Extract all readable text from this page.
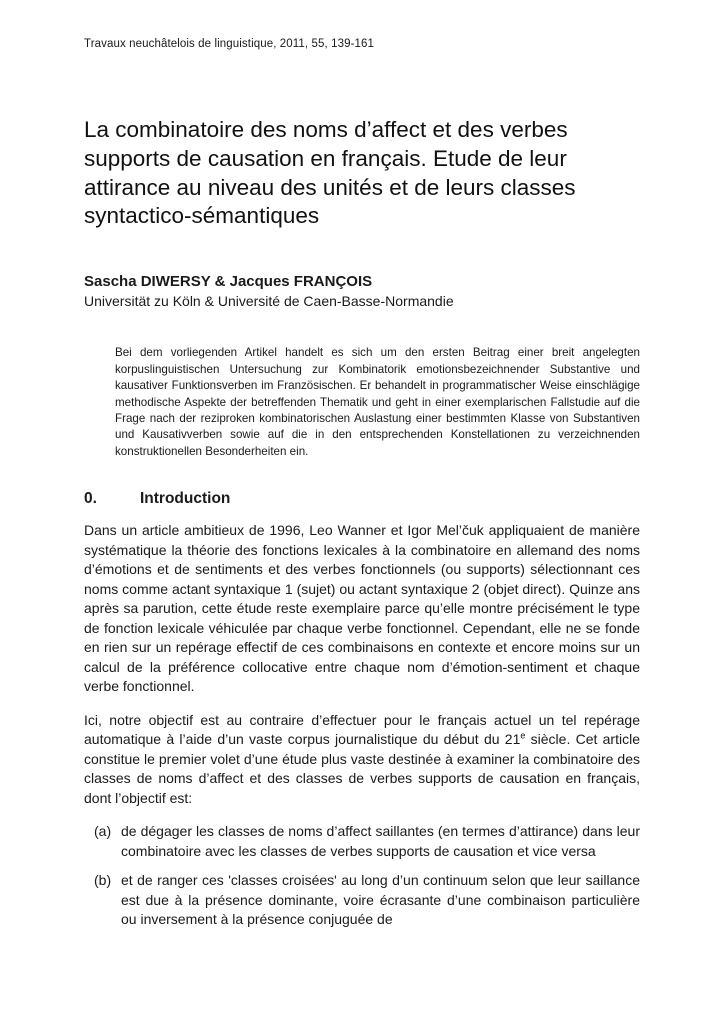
Travaux neuchâtelois de linguistique, 2011, 55, 139-161
La combinatoire des noms d’affect et des verbes supports de causation en français. Etude de leur attirance au niveau des unités et de leurs classes syntactico-sémantiques
Sascha DIWERSY & Jacques FRANÇOIS
Universität zu Köln & Université de Caen-Basse-Normandie
Bei dem vorliegenden Artikel handelt es sich um den ersten Beitrag einer breit angelegten korpuslinguistischen Untersuchung zur Kombinatorik emotionsbezeichnender Substantive und kausativer Funktionsverben im Französischen. Er behandelt in programmatischer Weise einschlägige methodische Aspekte der betreffenden Thematik und geht in einer exemplarischen Fallstudie auf die Frage nach der reziproken kombinatorischen Auslastung einer bestimmten Klasse von Substantiven und Kausativverben sowie auf die in den entsprechenden Konstellationen zu verzeichnenden konstruktionellen Besonderheiten ein.
0.	Introduction

Dans un article ambitieux de 1996, Leo Wanner et Igor Mel’čuk appliquaient de manière systématique la théorie des fonctions lexicales à la combinatoire en allemand des noms d’émotions et de sentiments et des verbes fonctionnels (ou supports) sélectionnant ces noms comme actant syntaxique 1 (sujet) ou actant syntaxique 2 (objet direct). Quinze ans après sa parution, cette étude reste exemplaire parce qu’elle montre précisément le type de fonction lexicale véhiculée par chaque verbe fonctionnel. Cependant, elle ne se fonde en rien sur un repérage effectif de ces combinaisons en contexte et encore moins sur un calcul de la préférence collocative entre chaque nom d’émotion-sentiment et chaque verbe fonctionnel.

Ici, notre objectif est au contraire d’effectuer pour le français actuel un tel repérage automatique à l’aide d’un vaste corpus journalistique du début du 21e siècle. Cet article constitue le premier volet d’une étude plus vaste destinée à examiner la combinatoire des classes de noms d’affect et des classes de verbes supports de causation en français, dont l’objectif est:

(a) de dégager les classes de noms d’affect saillantes (en termes d’attirance) dans leur combinatoire avec les classes de verbes supports de causation et vice versa
(b) et de ranger ces 'classes croisées' au long d’un continuum selon que leur saillance est due à la présence dominante, voire écrasante d’une combinaison particulière ou inversement à la présence conjuguée de
